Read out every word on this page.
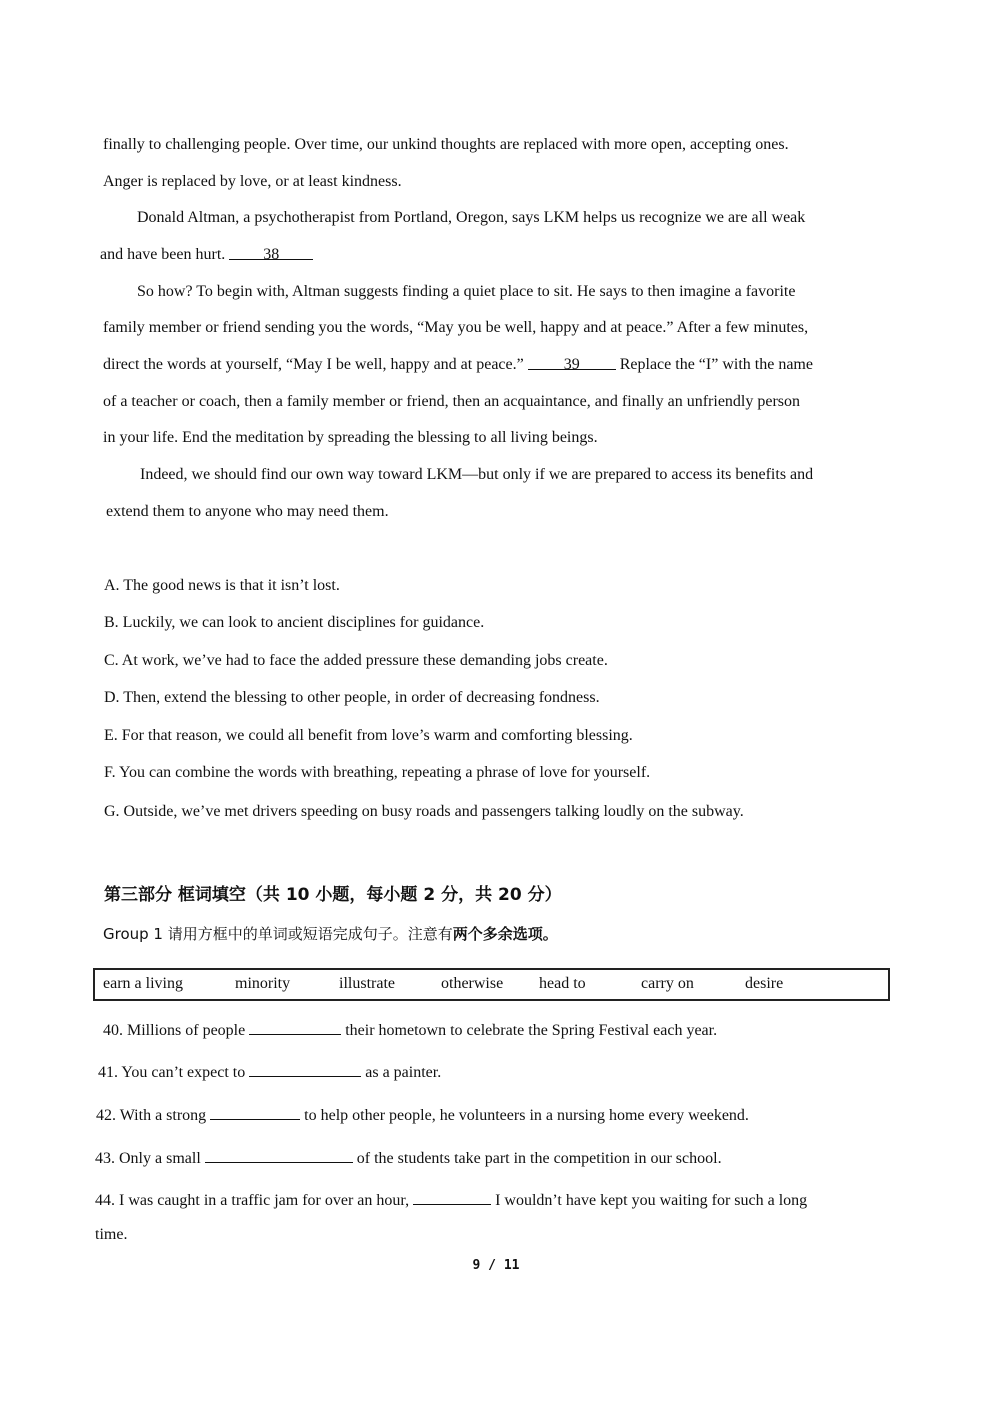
finally to challenging people. Over time, our unkind thoughts are replaced with more open, accepting ones.
Anger is replaced by love, or at least kindness.
Donald Altman, a psychotherapist from Portland, Oregon, says LKM helps us recognize we are all weak
and have been hurt. 38
So how? To begin with, Altman suggests finding a quiet place to sit. He says to then imagine a favorite
family member or friend sending you the words, “May you be well, happy and at peace.” After a few minutes,
direct the words at yourself, “May I be well, happy and at peace.”	39	Replace the “I” with the name
of a teacher or coach, then a family member or friend, then an acquaintance, and finally an unfriendly person
in your life. End the meditation by spreading the blessing to all living beings.
Indeed, we should find our own way toward LKM—but only if we are prepared to access its benefits and
extend them to anyone who may need them.
A. The good news is that it isn’t lost.
B. Luckily, we can look to ancient disciplines for guidance.
C. At work, we’ve had to face the added pressure these demanding jobs create.
D. Then, extend the blessing to other people, in order of decreasing fondness.
E. For that reason, we could all benefit from love’s warm and comforting blessing.
F. You can combine the words with breathing, repeating a phrase of love for yourself.
G. Outside, we’ve met drivers speeding on busy roads and passengers talking loudly on the subway.
第三部分 框词填空（共 10 小题，每小题 2 分，共 20 分）
Group 1 请用方框中的单词或短语完成句子。注意有两个多余选项。
earn a living	minority	illustrate	otherwise head to	carry on	desire
40. Millions of people	their hometown to celebrate the Spring Festival each year.
41. You can’t expect to	as a painter.
42. With a strong	to help other people, he volunteers in a nursing home every weekend.
43. Only a small	of the students take part in the competition in our school.
44. I was caught in a traffic jam for over an hour,	I wouldn’t have kept you waiting for such a long
time.
9 / 11
